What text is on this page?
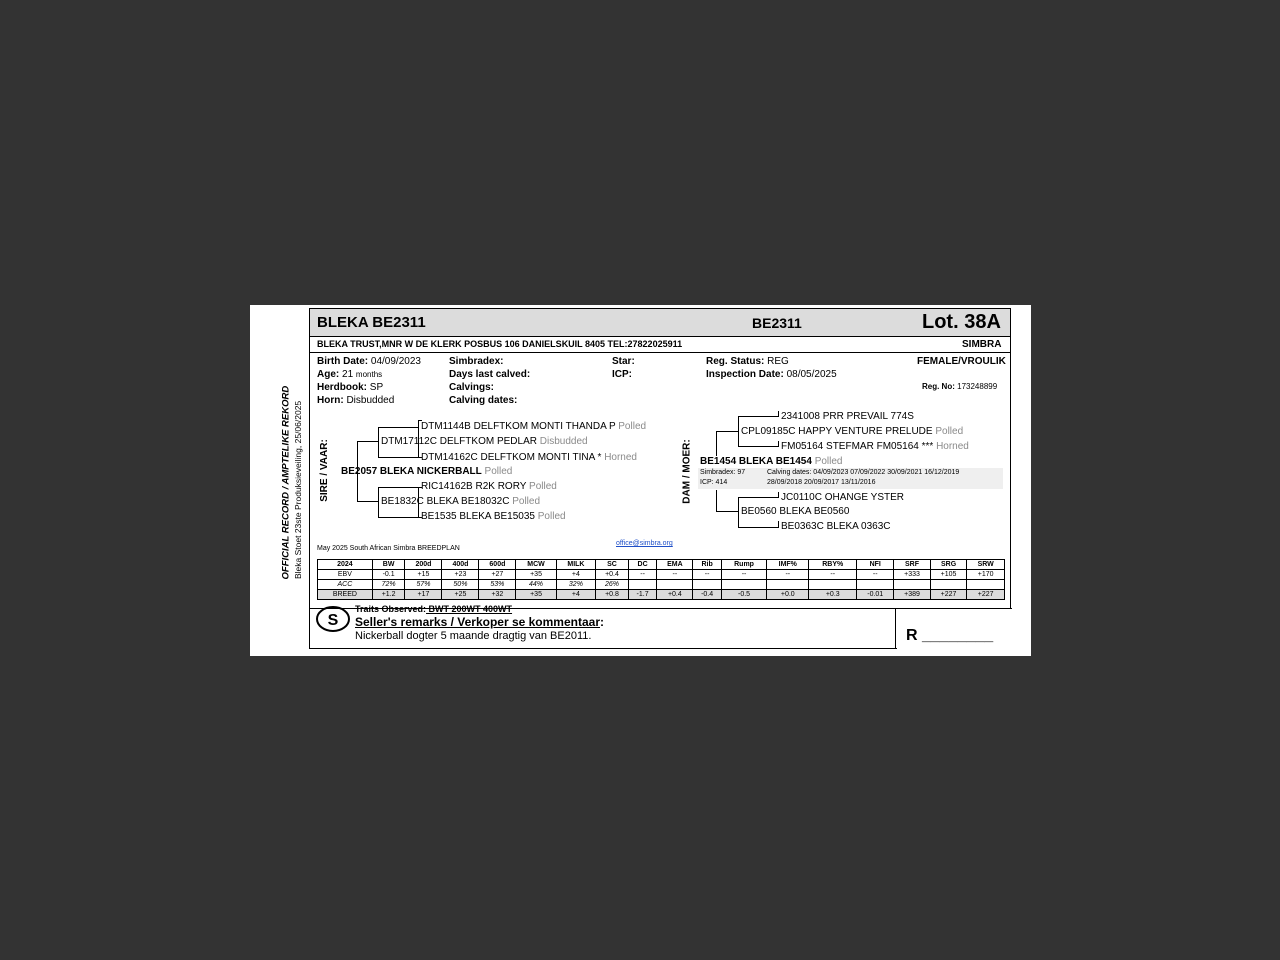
OFFICIAL RECORD / AMPTELIKE REKORD Bleka Stoet 23ste Produksieveiling, 25/06/2025
BLEKA BE2311	BE2311	Lot. 38A
BLEKA TRUST,MNR W DE KLERK POSBUS 106 DANIELSKUIL 8405 TEL:27822025911	SIMBRA
Birth Date: 04/09/2023
Age: 21 months
Herdbook: SP
Horn: Disbudded
Simbradex:
Days last calved:
Calvings:
Calving dates:
Star:
ICP:
Reg. Status: REG
Inspection Date: 08/05/2025
FEMALE/VROULIK
Reg. No: 173248899
SIRE / VAAR:
DTM1144B DELFTKOM MONTI THANDA P Polled
DTM17112C DELFTKOM PEDLAR Disbudded
DTM14162C DELFTKOM MONTI TINA * Horned
BE2057 BLEKA NICKERBALL Polled
RIC14162B R2K RORY Polled
BE1832C BLEKA BE18032C Polled
BE1535 BLEKA BE15035 Polled
DAM / MOER:
2341008 PRR PREVAIL 774S
CPL09185C HAPPY VENTURE PRELUDE Polled
FM05164 STEFMAR FM05164 *** Horned
BE1454 BLEKA BE1454 Polled
Simbradex: 97
ICP: 414
Calving dates: 04/09/2023 07/09/2022 30/09/2021 16/12/2019
28/09/2018 20/09/2017 13/11/2016
JC0110C OHANGE YSTER
BE0560 BLEKA BE0560
BE0363C BLEKA 0363C
May 2025 South African Simbra BREEDPLAN
office@simbra.org
2024	BW	200d	400d	600d	MCW	MILK	SC	DC	EMA	Rib	Rump	IMF%	RBY%	NFI	SRF	SRG	SRW
EBV	-0.1	+15	+23	+27	+35	+4	+0.4	--	--	--	--	--	--	--	+333	+105	+170
ACC	72%	57%	50%	53%	44%	32%	26%										
BREED	+1.2	+17	+25	+32	+35	+4	+0.8	-1.7	+0.4	-0.4	-0.5	+0.0	+0.3	-0.01	+389	+227	+227
S
Traits Observed: BWT 200WT 400WT
Seller's remarks / Verkoper se kommentaar:
Nickerball dogter 5 maande dragtig van BE2011.	R ________
